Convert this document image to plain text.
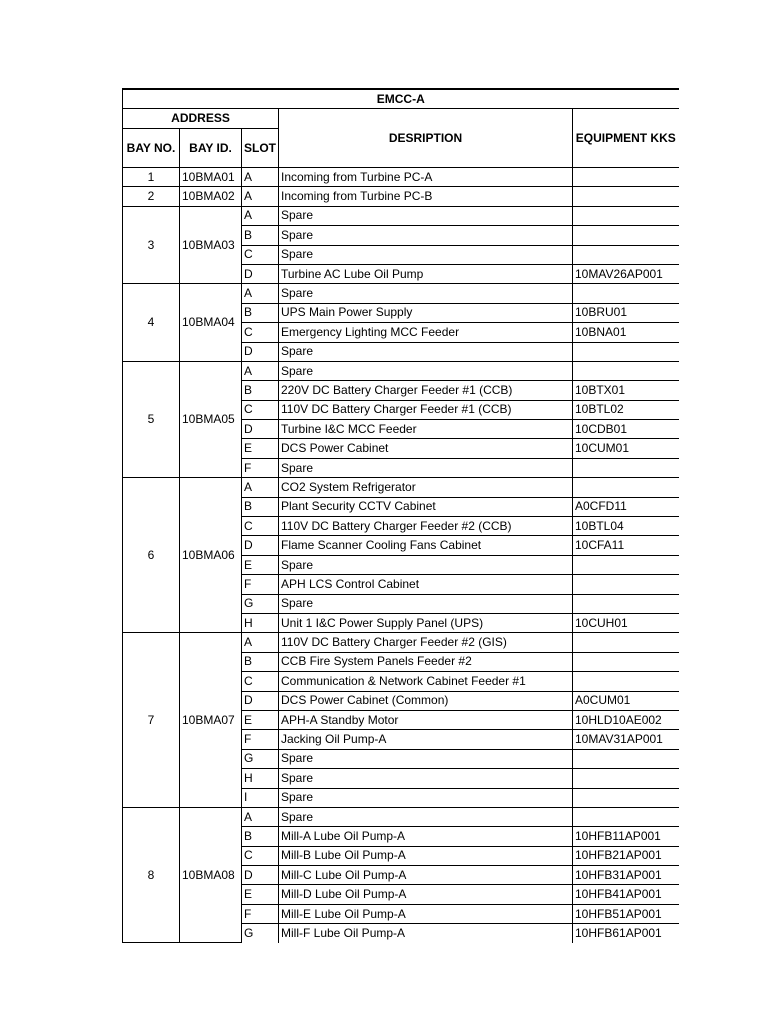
EMCC-A				
ADDRESS			DESRIPTION	EQUIPMENT KKS
BAY NO.	BAY ID.	SLOT		
1	10BMA01	A	Incoming from Turbine PC-A	
2	10BMA02	A	Incoming from Turbine PC-B	
3	10BMA03	A	Spare	
		B	Spare	
		C	Spare	
		D	Turbine AC Lube Oil Pump	10MAV26AP001
4	10BMA04	A	Spare	
		B	UPS Main Power Supply	10BRU01
		C	Emergency Lighting MCC Feeder	10BNA01
		D	Spare	
5	10BMA05	A	Spare	
		B	220V DC Battery Charger Feeder #1 (CCB)	10BTX01
		C	110V DC Battery Charger Feeder #1 (CCB)	10BTL02
		D	Turbine I&C MCC Feeder	10CDB01
		E	DCS Power Cabinet	10CUM01
		F	Spare	
6	10BMA06	A	CO2 System Refrigerator	
		B	Plant Security CCTV Cabinet	A0CFD11
		C	110V DC Battery Charger Feeder #2 (CCB)	10BTL04
		D	Flame Scanner Cooling Fans Cabinet	10CFA11
		E	Spare	
		F	APH LCS Control Cabinet	
		G	Spare	
		H	Unit 1 I&C Power Supply Panel (UPS)	10CUH01
7	10BMA07	A	110V DC Battery Charger Feeder #2 (GIS)	
		B	CCB Fire System Panels Feeder #2	
		C	Communication & Network Cabinet Feeder #1	
		D	DCS Power Cabinet (Common)	A0CUM01
		E	APH-A Standby Motor	10HLD10AE002
		F	Jacking Oil Pump-A	10MAV31AP001
		G	Spare	
		H	Spare	
		I	Spare	
8	10BMA08	A	Spare	
		B	Mill-A Lube Oil Pump-A	10HFB11AP001
		C	Mill-B Lube Oil Pump-A	10HFB21AP001
		D	Mill-C Lube Oil Pump-A	10HFB31AP001
		E	Mill-D Lube Oil Pump-A	10HFB41AP001
		F	Mill-E Lube Oil Pump-A	10HFB51AP001
		G	Mill-F Lube Oil Pump-A	10HFB61AP001
